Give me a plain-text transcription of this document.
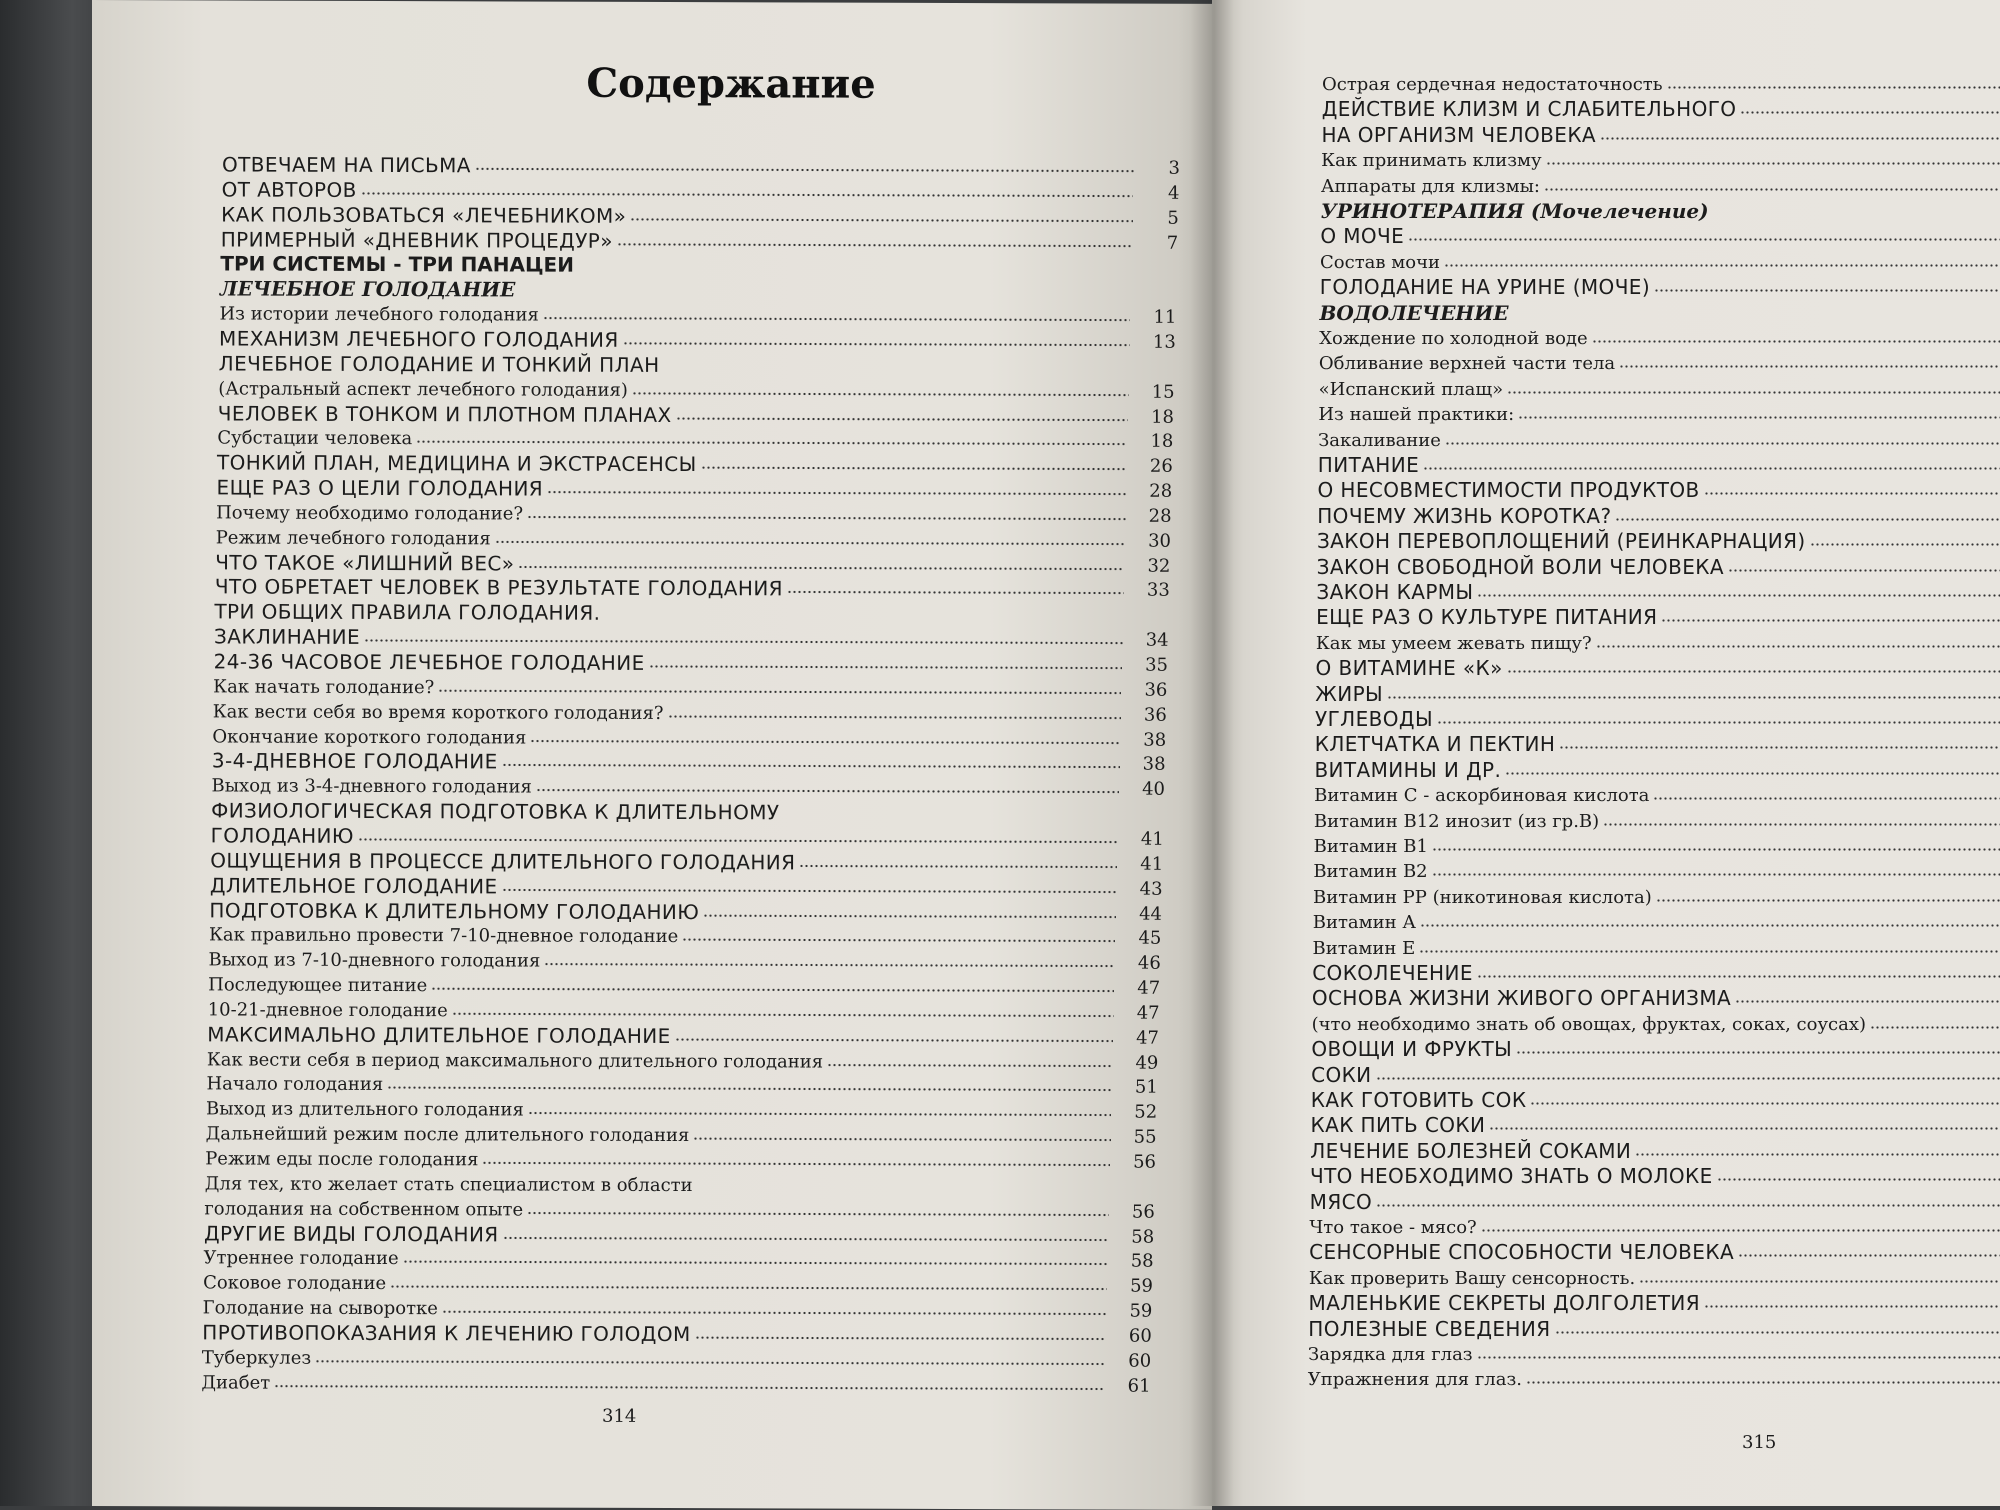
Содержание
ОТВЕЧАЕМ НА ПИСЬМА	3
ОТ АВТОРОВ	4
КАК ПОЛЬЗОВАТЬСЯ «ЛЕЧЕБНИКОМ»	5
ПРИМЕРНЫЙ «ДНЕВНИК ПРОЦЕДУР»	7
ТРИ СИСТЕМЫ - ТРИ ПАНАЦЕИ
ЛЕЧЕБНОЕ ГОЛОДАНИЕ
Из истории лечебного голодания	11
МЕХАНИЗМ ЛЕЧЕБНОГО ГОЛОДАНИЯ	13
ЛЕЧЕБНОЕ ГОЛОДАНИЕ И ТОНКИЙ ПЛАН
(Астральный аспект лечебного голодания)	15
ЧЕЛОВЕК В ТОНКОМ И ПЛОТНОМ ПЛАНАХ	18
Субстации человека	18
ТОНКИЙ ПЛАН, МЕДИЦИНА И ЭКСТРАСЕНСЫ	26
ЕЩЕ РАЗ О ЦЕЛИ ГОЛОДАНИЯ	28
Почему необходимо голодание?	28
Режим лечебного голодания	30
ЧТО ТАКОЕ «ЛИШНИЙ ВЕС»	32
ЧТО ОБРЕТАЕТ ЧЕЛОВЕК В РЕЗУЛЬТАТЕ ГОЛОДАНИЯ	33
ТРИ ОБЩИХ ПРАВИЛА ГОЛОДАНИЯ.
ЗАКЛИНАНИЕ	34
24-36 ЧАСОВОЕ ЛЕЧЕБНОЕ ГОЛОДАНИЕ	35
Как начать голодание?	36
Как вести себя во время короткого голодания?	36
Окончание короткого голодания	38
3-4-ДНЕВНОЕ ГОЛОДАНИЕ	38
Выход из 3-4-дневного голодания	40
ФИЗИОЛОГИЧЕСКАЯ ПОДГОТОВКА К ДЛИТЕЛЬНОМУ
ГОЛОДАНИЮ	41
ОЩУЩЕНИЯ В ПРОЦЕССЕ ДЛИТЕЛЬНОГО ГОЛОДАНИЯ	41
ДЛИТЕЛЬНОЕ ГОЛОДАНИЕ	43
ПОДГОТОВКА К ДЛИТЕЛЬНОМУ ГОЛОДАНИЮ	44
Как правильно провести 7-10-дневное голодание	45
Выход из 7-10-дневного голодания	46
Последующее питание	47
10-21-дневное голодание	47
МАКСИМАЛЬНО ДЛИТЕЛЬНОЕ ГОЛОДАНИЕ	47
Как вести себя в период максимального длительного голодания	49
Начало голодания	51
Выход из длительного голодания	52
Дальнейший режим после длительного голодания	55
Режим еды после голодания	56
Для тех, кто желает стать специалистом в области
голодания на собственном опыте	56
ДРУГИЕ ВИДЫ ГОЛОДАНИЯ	58
Утреннее голодание	58
Соковое голодание	59
Голодание на сыворотке	59
ПРОТИВОПОКАЗАНИЯ К ЛЕЧЕНИЮ ГОЛОДОМ	60
Туберкулез	60
Диабет	61
314
Острая сердечная недостаточность
ДЕЙСТВИЕ КЛИЗМ И СЛАБИТЕЛЬНОГО
НА ОРГАНИЗМ ЧЕЛОВЕКА
Как принимать клизму
Аппараты для клизмы:
УРИНОТЕРАПИЯ (Мочелечение)
О МОЧЕ
Состав мочи
ГОЛОДАНИЕ НА УРИНЕ (МОЧЕ)
ВОДОЛЕЧЕНИЕ
Хождение по холодной воде
Обливание верхней части тела
«Испанский плащ»
Из нашей практики:
Закаливание
ПИТАНИЕ
О НЕСОВМЕСТИМОСТИ ПРОДУКТОВ
ПОЧЕМУ ЖИЗНЬ КОРОТКА?
ЗАКОН ПЕРЕВОПЛОЩЕНИЙ (РЕИНКАРНАЦИЯ)
ЗАКОН СВОБОДНОЙ ВОЛИ ЧЕЛОВЕКА
ЗАКОН КАРМЫ
ЕЩЕ РАЗ О КУЛЬТУРЕ ПИТАНИЯ
Как мы умеем жевать пищу?
О ВИТАМИНЕ «К»
ЖИРЫ
УГЛЕВОДЫ
КЛЕТЧАТКА И ПЕКТИН
ВИТАМИНЫ И ДР.
Витамин С - аскорбиновая кислота
Витамин В12 инозит (из гр.В)
Витамин В1
Витамин В2
Витамин РР (никотиновая кислота)
Витамин А
Витамин Е
СОКОЛЕЧЕНИЕ
ОСНОВА ЖИЗНИ ЖИВОГО ОРГАНИЗМА
(что необходимо знать об овощах, фруктах, соках, соусах)
ОВОЩИ И ФРУКТЫ
СОКИ
КАК ГОТОВИТЬ СОК
КАК ПИТЬ СОКИ
ЛЕЧЕНИЕ БОЛЕЗНЕЙ СОКАМИ
ЧТО НЕОБХОДИМО ЗНАТЬ О МОЛОКЕ
МЯСО
Что такое - мясо?
СЕНСОРНЫЕ СПОСОБНОСТИ ЧЕЛОВЕКА
Как проверить Вашу сенсорность.
МАЛЕНЬКИЕ СЕКРЕТЫ ДОЛГОЛЕТИЯ
ПОЛЕЗНЫЕ СВЕДЕНИЯ
Зарядка для глаз
Упражнения для глаз.
315
